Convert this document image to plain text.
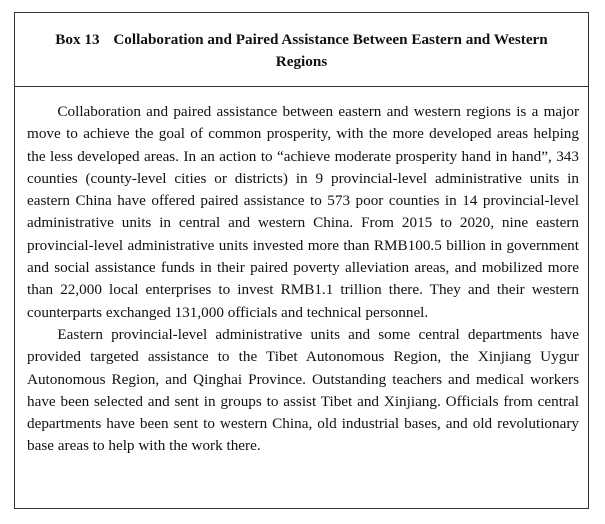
Box 13 Collaboration and Paired Assistance Between Eastern and Western Regions

Collaboration and paired assistance between eastern and western regions is a major move to achieve the goal of common prosperity, with the more developed areas helping the less developed areas. In an action to “achieve moderate prosperity hand in hand”, 343 counties (county-level cities or districts) in 9 provincial-level administrative units in eastern China have offered paired assistance to 573 poor counties in 14 provincial-level administrative units in central and western China. From 2015 to 2020, nine eastern provincial-level administrative units invested more than RMB100.5 billion in government and social assistance funds in their paired poverty alleviation areas, and mobilized more than 22,000 local enterprises to invest RMB1.1 trillion there. They and their western counterparts exchanged 131,000 officials and technical personnel.

Eastern provincial-level administrative units and some central departments have provided targeted assistance to the Tibet Autonomous Region, the Xinjiang Uygur Autonomous Region, and Qinghai Province. Outstanding teachers and medical workers have been selected and sent in groups to assist Tibet and Xinjiang. Officials from central departments have been sent to western China, old industrial bases, and old revolutionary base areas to help with the work there.
